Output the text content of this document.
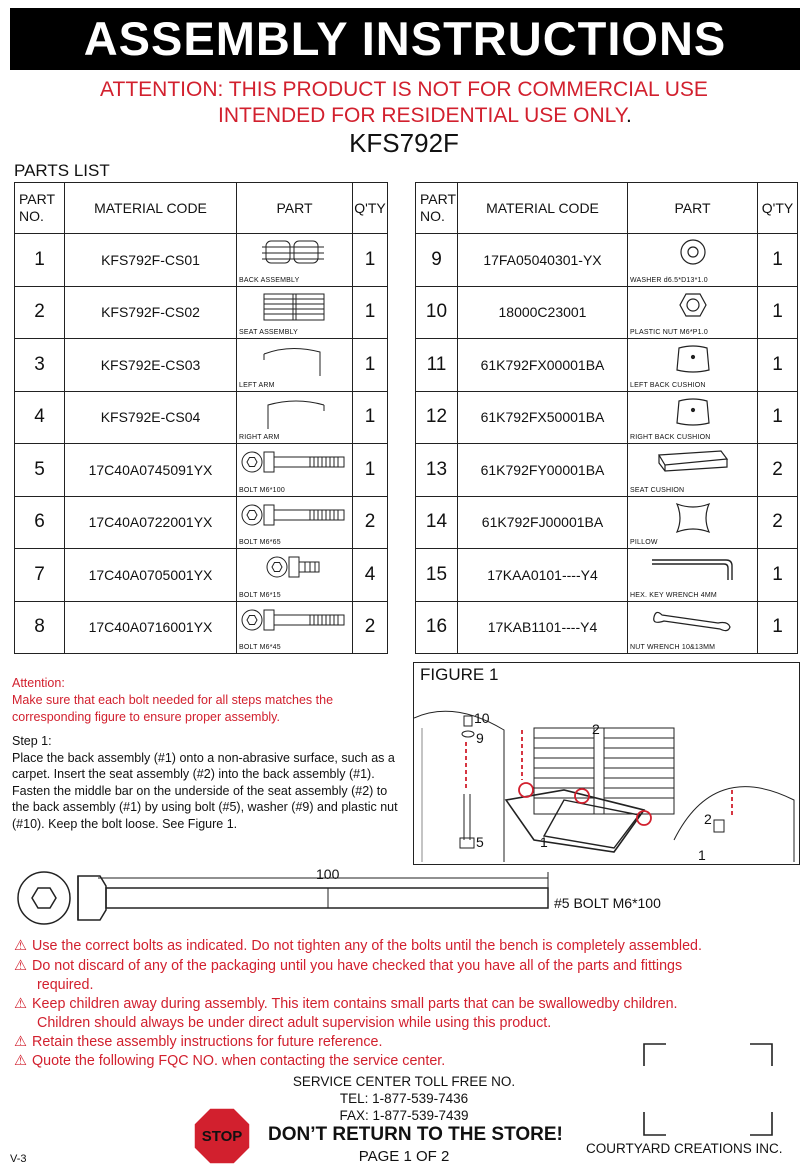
ASSEMBLY INSTRUCTIONS
ATTENTION: THIS PRODUCT IS NOT FOR COMMERCIAL USE
INTENDED FOR RESIDENTIAL USE ONLY.
KFS792F
PARTS LIST
PART
NO.	MATERIAL CODE	PART	Q'TY
1	KFS792F-CS01	BACK ASSEMBLY	1
2	KFS792F-CS02	SEAT ASSEMBLY	1
3	KFS792E-CS03	LEFT ARM	1
4	KFS792E-CS04	RIGHT ARM	1
5	17C40A0745091YX	BOLT M6*100	1
6	17C40A0722001YX	BOLT M6*65	2
7	17C40A0705001YX	BOLT M6*15	4
8	17C40A0716001YX	BOLT M6*45	2
PART
NO.	MATERIAL CODE	PART	Q'TY
9	17FA05040301-YX	WASHER d6.5*D13*1.0	1
10	18000C23001	PLASTIC NUT M6*P1.0	1
11	61K792FX00001BA	LEFT BACK CUSHION	1
12	61K792FX50001BA	RIGHT BACK CUSHION	1
13	61K792FY00001BA	SEAT CUSHION	2
14	61K792FJ00001BA	PILLOW	2
15	17KAA0101----Y4	HEX. KEY WRENCH 4MM	1
16	17KAB1101----Y4	NUT WRENCH 10&13MM	1
Attention:
Make sure that each bolt needed for all steps matches the
corresponding figure to ensure proper assembly.
Step 1:
Place the back assembly (#1) onto a non-abrasive surface, such as a
carpet. Insert the seat assembly (#2) into the back assembly (#1).
Fasten the middle bar on the underside of the seat assembly (#2) to
the back assembly (#1) by using bolt (#5), washer (#9) and plastic nut
(#10). Keep the bolt loose. See Figure 1.
FIGURE 1
10
9
2
5	1
2
1
100
#5 BOLT M6*100
⚠ Use the correct bolts as indicated. Do not tighten any of the bolts until the bench is completely assembled.
⚠ Do not discard of any of the packaging until you have checked that you have all of the parts and fittings
required.
⚠ Keep children away during assembly. This item contains small parts that can be swallowedby children.
Children should always be under direct adult supervision while using this product.
⚠ Retain these assembly instructions for future reference.
⚠ Quote the following FQC NO. when contacting the service center.
SERVICE CENTER TOLL FREE NO.
TEL: 1-877-539-7436
FAX: 1-877-539-7439
STOP DON’T RETURN TO THE STORE!
PAGE 1 OF 2
V-3
COURTYARD CREATIONS INC.
